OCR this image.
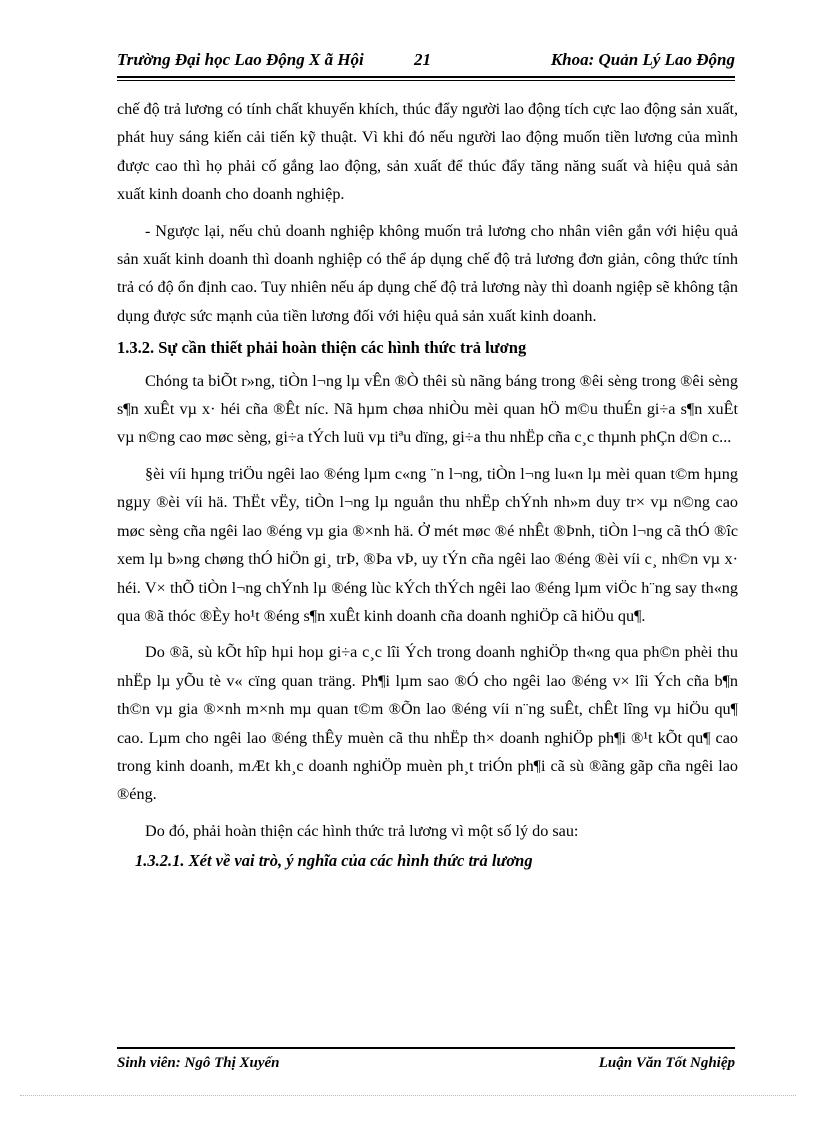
Trường Đại học Lao Động X ã Hội	21	Khoa: Quản Lý Lao Động

chế độ trả lương có tính chất khuyến khích, thúc đẩy người lao động tích cực lao động sản xuất, phát huy sáng kiến cải tiến kỹ thuật. Vì khi đó nếu người lao động muốn tiền lương của mình được cao thì họ phải cố gắng lao động, sản xuất để thúc đẩy tăng năng suất và hiệu quả sản xuất kinh doanh cho doanh nghiệp.

- Ngược lại, nếu chủ doanh nghiệp không muốn trả lương cho nhân viên gắn với hiệu quả sản xuất kinh doanh thì doanh nghiệp có thể áp dụng chế độ trả lương đơn giản, công thức tính trả có độ ổn định cao. Tuy nhiên nếu áp dụng chế độ trả lương này thì doanh ngiệp sẽ không tận dụng được sức mạnh của tiền lương đối với hiệu quả sản xuất kinh doanh.

1.3.2. Sự cần thiết phải hoàn thiện các hình thức trả lương

Chóng ta biÕt r»ng, tiÒn l¬ng lµ vÊn ®Ò thêi sù nãng báng trong ®êi sèng trong ®êi sèng s¶n xuÊt vµ x· héi cña ®Êt níc. Nã hµm chøa nhiÒu mèi quan hÖ m©u thuÉn gi÷a s¶n xuÊt vµ n©ng cao møc sèng, gi÷a tÝch luü vµ tiªu dïng, gi÷a thu nhËp cña c¸c thµnh phÇn d©n c...

§èi víi hµng triÖu ngêi lao ®éng lµm c«ng ¨n l¬ng, tiÒn l¬ng lu«n lµ mèi quan t©m hµng ngµy ®èi víi hä. ThËt vËy, tiÒn l¬ng lµ nguån thu nhËp chÝnh nh»m duy tr× vµ n©ng cao møc sèng cña ngêi lao ®éng vµ gia ®×nh hä. Ở mét møc ®é nhÊt ®Þnh, tiÒn l¬ng cã thÓ ®îc xem lµ b»ng chøng thÓ hiÖn gi¸ trÞ, ®Þa vÞ, uy tÝn cña ngêi lao ®éng ®èi víi c¸ nh©n vµ x· héi. V× thÕ tiÒn l¬ng chÝnh lµ ®éng lùc kÝch thÝch ngêi lao ®éng lµm viÖc h¨ng say th«ng qua ®ã thóc ®Èy ho¹t ®éng s¶n xuÊt kinh doanh cña doanh nghiÖp cã hiÖu qu¶.

Do ®ã, sù kÕt hîp hµi hoµ gi÷a c¸c lîi Ých trong doanh nghiÖp th«ng qua ph©n phèi thu nhËp lµ yÕu tè v« cïng quan träng. Ph¶i lµm sao ®Ó cho ngêi lao ®éng v× lîi Ých cña b¶n th©n vµ gia ®×nh m×nh mµ quan t©m ®Õn lao ®éng víi n¨ng suÊt, chÊt lîng vµ hiÖu qu¶ cao. Lµm cho ngêi lao ®éng thÊy muèn cã thu nhËp th× doanh nghiÖp ph¶i ®¹t kÕt qu¶ cao trong kinh doanh, mÆt kh¸c doanh nghiÖp muèn ph¸t triÓn ph¶i cã sù ®ãng gãp cña ngêi lao ®éng.

Do đó, phải hoàn thiện các hình thức trả lương vì một số lý do sau:

1.3.2.1. Xét về vai trò, ý nghĩa của các hình thức trả lương

Sinh viên: Ngô Thị Xuyến	Luận Văn Tốt Nghiệp
